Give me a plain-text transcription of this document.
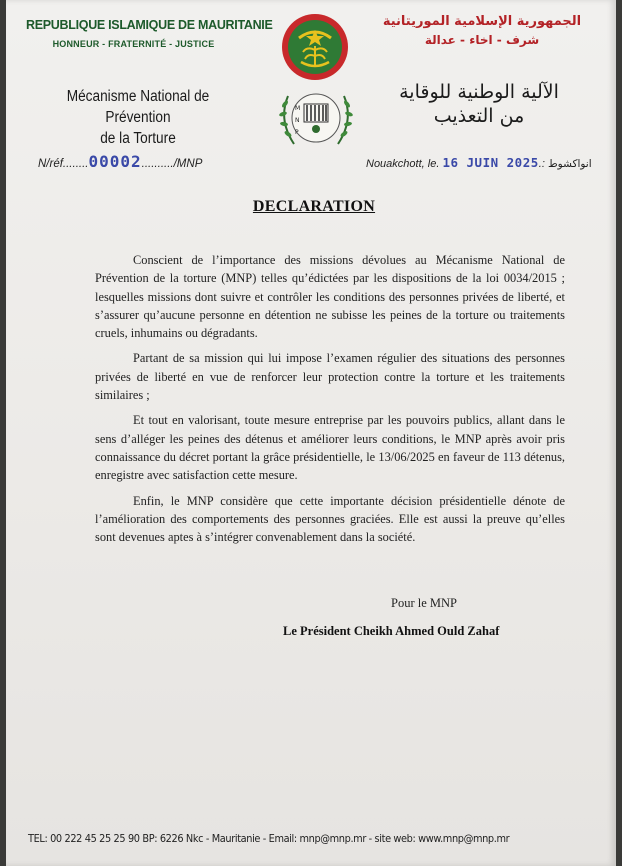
REPUBLIQUE ISLAMIQUE DE MAURITANIE
HONNEUR - FRATERNITÉ - JUSTICE
الجمهورية الإسلامية الموريتانية
شرف - اخاء - عدالة
M
N
P
Mécanisme National de Prévention
de la Torture
الآلية الوطنية للوقاية
من التعذيب
N/réf........00002........../MNP	Nouakchott, le. 16 JUIN 2025.: انواكشوط
DECLARATION

Conscient de l’importance des missions dévolues au Mécanisme National de Prévention de la torture (MNP) telles qu’édictées par les dispositions de la loi 0034/2015 ; lesquelles missions dont suivre et contrôler les conditions des personnes privées de liberté, et s’assurer qu’aucune personne en détention ne subisse les peines de la torture ou traitements cruels, inhumains ou dégradants.

Partant de sa mission qui lui impose l’examen régulier des situations des personnes privées de liberté en vue de renforcer leur protection contre la torture et les traitements similaires ;

Et tout en valorisant, toute mesure entreprise par les pouvoirs publics, allant dans le sens d’alléger les peines des détenus et améliorer leurs conditions, le MNP après avoir pris connaissance du décret portant la grâce présidentielle, le 13/06/2025 en faveur de 113 détenus, enregistre avec satisfaction cette mesure.

Enfin, le MNP considère que cette importante décision présidentielle dénote de l’amélioration des comportements des personnes graciées. Elle est aussi la preuve qu’elles sont devenues aptes à s’intégrer convenablement dans la société.

Pour le MNP
Le Président Cheikh Ahmed Ould Zahaf
TEL: 00 222 45 25 25 90 BP: 6226 Nkc - Mauritanie - Email: mnp@mnp.mr - site web: www.mnp@mnp.mr
